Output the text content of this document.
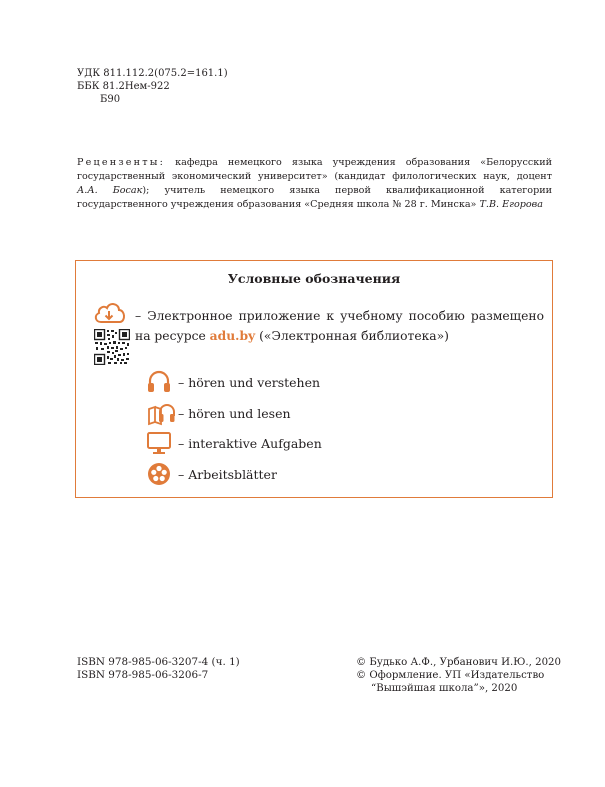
УДК 811.112.2(075.2=161.1)
ББК 81.2Нем-922
Б90
Рецензенты: кафедра немецкого языка учреждения образования «Белорусский государственный экономический университет» (кандидат филологических наук, доцент А.А. Босак); учитель немецкого языка первой квалификационной категории государственного учреждения образования «Средняя школа № 28 г. Минска» Т.В. Егорова
Условные обозначения
– Электронное приложение к учебному пособию размещено
на ресурсе adu.by («Электронная библиотека»)
– hören und verstehen
– hören und lesen
– interaktive Aufgaben
– Arbeitsblätter
ISBN 978-985-06-3207-4 (ч. 1)
ISBN 978-985-06-3206-7
© Будько А.Ф., Урбанович И.Ю., 2020
© Оформление. УП «Издательство
“Вышэйшая школа”», 2020
